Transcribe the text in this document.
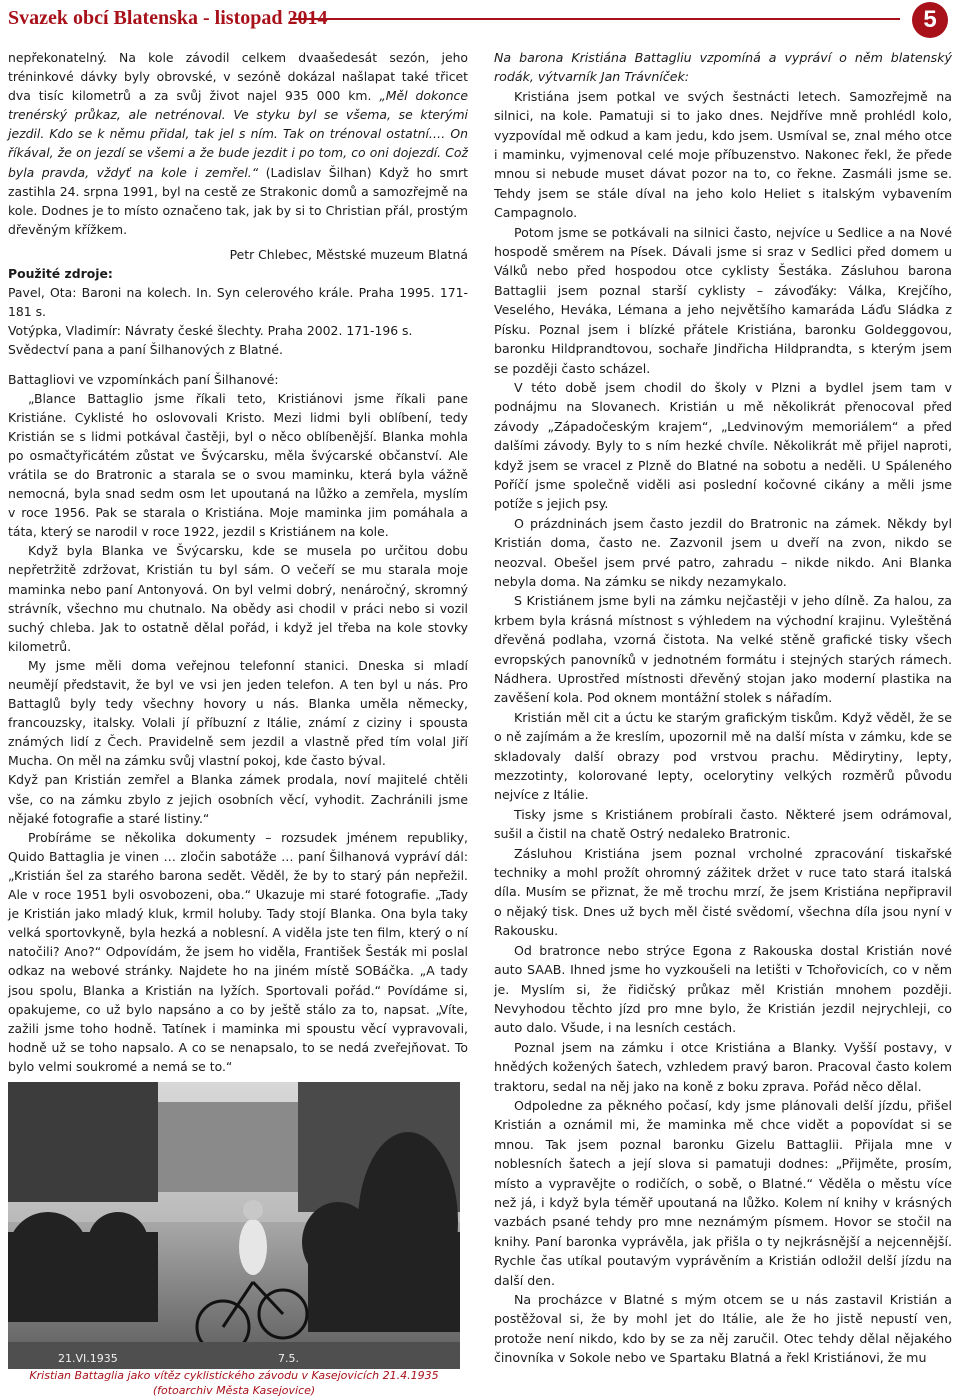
Svazek obcí Blatenska - listopad 2014	5

nepřekonatelný. Na kole závodil celkem dvaašedesát sezón, jeho tréninkové dávky byly obrovské, v sezóně dokázal našlapat také třicet dva tisíc kilometrů a za svůj život najel 935 000 km. „Měl dokonce trenérský průkaz, ale netrénoval. Ve styku byl se všema, se kterými jezdil. Kdo se k němu přidal, tak jel s ním. Tak on trénoval ostatní.… On říkával, že on jezdí se všemi a že bude jezdit i po tom, co oni dojezdí. Což byla pravda, vždyť na kole i zemřel.“ (Ladislav Šilhan) Když ho smrt zastihla 24. srpna 1991, byl na cestě ze Strakonic domů a samozřejmě na kole. Dodnes je to místo označeno tak, jak by si to Christian přál, prostým dřevěným křížkem.

Petr Chlebec, Městské muzeum Blatná

Použité zdroje:

Pavel, Ota: Baroni na kolech. In. Syn celerového krále. Praha 1995. 171-181 s.

Votýpka, Vladimír: Návraty české šlechty. Praha 2002. 171-196 s.

Svědectví pana a paní Šilhanových z Blatné.

Battagliovi ve vzpomínkách paní Šilhanové:

„Blance Battaglio jsme říkali teto, Kristiánovi jsme říkali pane Kristiáne. Cyklisté ho oslovovali Kristo. Mezi lidmi byli oblíbení, tedy Kristián se s lidmi potkával častěji, byl o něco oblíbenější. Blanka mohla po osmačtyřicátém zůstat ve Švýcarsku, měla švýcarské občanství. Ale vrátila se do Bratronic a starala se o svou maminku, která byla vážně nemocná, byla snad sedm osm let upoutaná na lůžko a zemřela, myslím v roce 1956. Pak se starala o Kristiána. Moje maminka jim pomáhala a táta, který se narodil v roce 1922, jezdil s Kristiánem na kole.

Když byla Blanka ve Švýcarsku, kde se musela po určitou dobu nepřetržitě zdržovat, Kristián tu byl sám. O večeří se mu starala moje maminka nebo paní Antonyová. On byl velmi dobrý, nenáročný, skromný strávník, všechno mu chutnalo. Na obědy asi chodil v práci nebo si vozil suchý chleba. Jak to ostatně dělal pořád, i když jel třeba na kole stovky kilometrů.

My jsme měli doma veřejnou telefonní stanici. Dneska si mladí neumějí představit, že byl ve vsi jen jeden telefon. A ten byl u nás. Pro Battaglů byly tedy všechny hovory u nás. Blanka uměla německy, francouzsky, italsky. Volali jí příbuzní z Itálie, známí z ciziny i spousta známých lidí z Čech. Pravidelně sem jezdil a vlastně před tím volal Jiří Mucha. On měl na zámku svůj vlastní pokoj, kde často býval.

Když pan Kristián zemřel a Blanka zámek prodala, noví majitelé chtěli vše, co na zámku zbylo z jejich osobních věcí, vyhodit. Zachránili jsme nějaké fotografie a staré listiny.“

Probíráme se několika dokumenty – rozsudek jménem republiky, Quido Battaglia je vinen … zločin sabotáže … paní Šilhanová vypráví dál: „Kristián šel za starého barona sedět. Věděl, že by to starý pán nepřežil. Ale v roce 1951 byli osvobozeni, oba.“ Ukazuje mi staré fotografie. „Tady je Kristián jako mladý kluk, krmil holuby. Tady stojí Blanka. Ona byla taky velká sportovkyně, byla hezká a noblesní. A viděla jste ten film, který o ní natočili? Ano?“ Odpovídám, že jsem ho viděla, František Šesták mi poslal odkaz na webové stránky. Najdete ho na jiném místě SOBáčka. „A tady jsou spolu, Blanka a Kristián na lyžích. Sportovali pořád.“ Povídáme si, opakujeme, co už bylo napsáno a co by ještě stálo za to, napsat. „Víte, zažili jsme toho hodně. Tatínek i maminka mi spoustu věcí vypravovali, hodně už se toho napsalo. A co se nenapsalo, to se nedá zveřejňovat. To bylo velmi soukromé a nemá se to.“

Na barona Kristiána Battagliu vzpomíná a vypráví o něm blatenský rodák, výtvarník Jan Trávníček:

Kristiána jsem potkal ve svých šestnácti letech. Samozřejmě na silnici, na kole. Pamatuji si to jako dnes. Nejdříve mně prohlédl kolo, vyzpovídal mě odkud a kam jedu, kdo jsem. Usmíval se, znal mého otce i maminku, vyjmenoval celé moje příbuzenstvo. Nakonec řekl, že přede mnou si nebude muset dávat pozor na to, co řekne. Zasmáli jsme se. Tehdy jsem se stále díval na jeho kolo Heliet s italským vybavením Campagnolo.

Potom jsme se potkávali na silnici často, nejvíce u Sedlice a na Nové hospodě směrem na Písek. Dávali jsme si sraz v Sedlici před domem u Válků nebo před hospodou otce cyklisty Šestáka. Zásluhou barona Battaglii jsem poznal starší cyklisty – závoďáky: Válka, Krejčího, Veselého, Heváka, Lémana a jeho největšího kamaráda Láďu Sládka z Písku. Poznal jsem i blízké přátele Kristiána, baronku Goldeggovou, baronku Hildprandtovou, sochaře Jindřicha Hildprandta, s kterým jsem se později často scházel.

V této době jsem chodil do školy v Plzni a bydlel jsem tam v podnájmu na Slovanech. Kristián u mě několikrát přenocoval před závody „Západočeským krajem“, „Ledvinovým memoriálem“ a před dalšími závody. Byly to s ním hezké chvíle. Několikrát mě přijel naproti, když jsem se vracel z Plzně do Blatné na sobotu a neděli. U Spáleného Poříčí jsme společně viděli asi poslední kočovné cikány a měli jsme potíže s jejich psy.

O prázdninách jsem často jezdil do Bratronic na zámek. Někdy byl Kristián doma, často ne. Zazvonil jsem u dveří na zvon, nikdo se neozval. Obešel jsem prvé patro, zahradu – nikde nikdo. Ani Blanka nebyla doma. Na zámku se nikdy nezamykalo.

S Kristiánem jsme byli na zámku nejčastěji v jeho dílně. Za halou, za krbem byla krásná místnost s výhledem na východní krajinu. Vyleštěná dřevěná podlaha, vzorná čistota. Na velké stěně grafické tisky všech evropských panovníků v jednotném formátu i stejných starých rámech. Nádhera. Uprostřed místnosti dřevěný stojan jako moderní plastika na zavěšení kola. Pod oknem montážní stolek s nářadím.

Kristián měl cit a úctu ke starým grafickým tiskům. Když věděl, že se o ně zajímám a že kreslím, upozornil mě na další místa v zámku, kde se skladovaly další obrazy pod vrstvou prachu. Mědirytiny, lepty, mezzotinty, kolorované lepty, ocelorytiny velkých rozměrů původu nejvíce z Itálie.

Tisky jsme s Kristiánem probírali často. Některé jsem odrámoval, sušil a čistil na chatě Ostrý nedaleko Bratronic.

Zásluhou Kristiána jsem poznal vrcholné zpracování tiskařské techniky a mohl prožít ohromný zážitek držet v ruce tato stará italská díla. Musím se přiznat, že mě trochu mrzí, že jsem Kristiána nepřipravil o nějaký tisk. Dnes už bych měl čisté svědomí, všechna díla jsou nyní v Rakousku.

Od bratronce nebo strýce Egona z Rakouska dostal Kristián nové auto SAAB. Ihned jsme ho vyzkoušeli na letišti v Tchořovicích, co v něm je. Myslím si, že řidičský průkaz měl Kristián mnohem později. Nevyhodou těchto jízd pro mne bylo, že Kristián jezdil nejrychleji, co auto dalo. Všude, i na lesních cestách.

Poznal jsem na zámku i otce Kristiána a Blanky. Vyšší postavy, v hnědých kožených šatech, vzhledem pravý baron. Pracoval často kolem traktoru, sedal na něj jako na koně z boku zprava. Pořád něco dělal.

Odpoledne za pěkného počasí, kdy jsme plánovali delší jízdu, přišel Kristián a oznámil mi, že maminka mě chce vidět a popovídat si se mnou. Tak jsem poznal baronku Gizelu Battaglii. Přijala mne v noblesních šatech a její slova si pamatuji dodnes: „Přijměte, prosím, místo a vypravějte o rodičích, o sobě, o Blatné.“ Věděla o městu více než já, i když byla téměř upoutaná na lůžko. Kolem ní knihy v krásných vazbách psané tehdy pro mne neznámým písmem. Hovor se stočil na knihy. Paní baronka vyprávěla, jak přišla o ty nejkrásnější a nejcennější. Rychle čas utíkal poutavým vyprávěním a Kristián odložil delší jízdu na další den.

Na procházce v Blatné s mým otcem se u nás zastavil Kristián a postěžoval si, že by mohl jet do Itálie, ale že ho jistě nepustí ven, protože není nikdo, kdo by se za něj zaručil. Otec tehdy dělal nějakého činovníka v Sokole nebo ve Spartaku Blatná a řekl Kristiánovi, že mu

21.VI.1935	7.5.
Kristian Battaglia jako vítěz cyklistického závodu v Kasejovicích 21.4.1935
(fotoarchiv Města Kasejovice)
